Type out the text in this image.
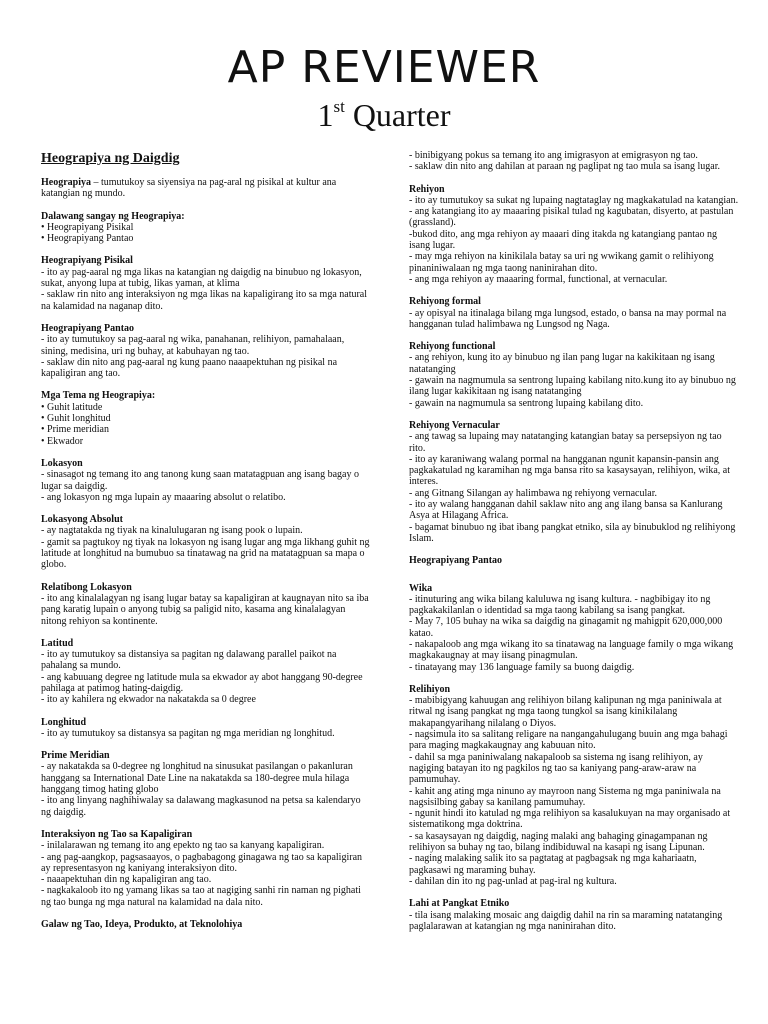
AP REVIEWER
1st Quarter
Heograpiya ng Daigdig
Heograpiya – tumutukoy sa siyensiya na pag-aral ng pisikal at kultur ana katangian ng mundo.
Dalawang sangay ng Heograpiya:
• Heograpiyang Pisikal
• Heograpiyang Pantao
Heograpiyang Pisikal
- ito ay pag-aaral ng mga likas na katangian ng daigdig na binubuo ng lokasyon, sukat, anyong lupa at tubig, likas yaman, at klima
- saklaw rin nito ang interaksiyon ng mga likas na kapaligirang ito sa mga natural na kalamidad na naganap dito.
Heograpiyang Pantao
- ito ay tumutukoy sa pag-aaral ng wika, panahanan, relihiyon, pamahalaan, sining, medisina, uri ng buhay, at kabuhayan ng tao.
- saklaw din nito ang pag-aaral ng kung paano naaapektuhan ng pisikal na kapaligiran ang tao.
Mga Tema ng Heograpiya:
• Guhit latitude
• Guhit longhitud
• Prime meridian
• Ekwador
Lokasyon
- sinasagot ng temang ito ang tanong kung saan matatagpuan ang isang bagay o lugar sa daigdig.
- ang lokasyon ng mga lupain ay maaaring absolut o relatibo.
Lokasyong Absolut
- ay nagtatakda ng tiyak na kinalulugaran ng isang pook o lupain.
- gamit sa pagtukoy ng tiyak na lokasyon ng isang lugar ang mga likhang guhit ng latitude at longhitud na bumubuo sa tinatawag na grid na matatagpuan sa mapa o globo.
Relatibong Lokasyon
- ito ang kinalalagyan ng isang lugar batay sa kapaligiran at kaugnayan nito sa iba pang karatig lupain o anyong tubig sa paligid nito, kasama ang kinalalagyan nitong rehiyon sa kontinente.
Latitud
- ito ay tumutukoy sa distansiya sa pagitan ng dalawang parallel paikot na pahalang sa mundo.
- ang kabuuang degree ng latitude mula sa ekwador ay abot hanggang 90-degree pahilaga at patimog hating-daigdig.
- ito ay kahilera ng ekwador na nakatakda sa 0 degree
Longhitud
- ito ay tumutukoy sa distansya sa pagitan ng mga meridian ng longhitud.
Prime Meridian
- ay nakatakda sa 0-degree ng longhitud na sinusukat pasilangan o pakanluran hanggang sa International Date Line na nakatakda sa 180-degree mula hilaga hanggang timog hating globo
- ito ang linyang naghihiwalay sa dalawang magkasunod na petsa sa kalendaryo ng daigdig.
Interaksiyon ng Tao sa Kapaligiran
- inilalarawan ng temang ito ang epekto ng tao sa kanyang kapaligiran.
- ang pag-aangkop, pagsasaayos, o pagbabagong ginagawa ng tao sa kapaligiran ay representasyon ng kaniyang interaksiyon dito.
- naaapektuhan din ng kapaligiran ang tao.
- nagkakaloob ito ng yamang likas sa tao at nagiging sanhi rin naman ng pighati ng tao bunga ng mga natural na kalamidad na dala nito.
Galaw ng Tao, Ideya, Produkto, at Teknolohiya
- binibigyang pokus sa temang ito ang imigrasyon at emigrasyon ng tao.
- saklaw din nito ang dahilan at paraan ng paglipat ng tao mula sa isang lugar.
Rehiyon
- ito ay tumutukoy sa sukat ng lupaing nagtataglay ng magkakatulad na katangian.
- ang katangiang ito ay maaaring pisikal tulad ng kagubatan, disyerto, at pastulan (grassland).
-bukod dito, ang mga rehiyon ay maaari ding itakda ng katangiang pantao ng isang lugar.
- may mga rehiyon na kinikilala batay sa uri ng wwikang gamit o relihiyong pinaniniwalaan ng mga taong naninirahan dito.
- ang mga rehiyon ay maaaring formal, functional, at vernacular.
Rehiyong formal
- ay opisyal na itinalaga bilang mga lungsod, estado, o bansa na may pormal na hangganan tulad halimbawa ng Lungsod ng Naga.
Rehiyong functional
- ang rehiyon, kung ito ay binubuo ng ilan pang lugar na kakikitaan ng isang natatanging
- gawain na nagmumula sa sentrong lupaing kabilang nito.kung ito ay binubuo ng ilang lugar kakikitaan ng isang natatanging
- gawain na nagmumula sa sentrong lupaing kabilang dito.
Rehiyong Vernacular
- ang tawag sa lupaing may natatanging katangian batay sa persepsiyon ng tao rito.
- ito ay karaniwang walang pormal na hangganan ngunit kapansin-pansin ang pagkakatulad ng karamihan ng mga bansa rito sa kasaysayan, relihiyon, wika, at interes.
- ang Gitnang Silangan ay halimbawa ng rehiyong vernacular.
- ito ay walang hangganan dahil saklaw nito ang ang ilang bansa sa Kanlurang Asya at Hilagang Africa.
- bagamat binubuo ng ibat ibang pangkat etniko, sila ay binubuklod ng relihiyong Islam.
Heograpiyang Pantao
Wika
- itinuturing ang wika bilang kaluluwa ng isang kultura. - nagbibigay ito ng pagkakakilanlan o identidad sa mga taong kabilang sa isang pangkat.
- May 7, 105 buhay na wika sa daigdig na ginagamit ng mahigpit 620,000,000 katao.
- nakapaloob ang mga wikang ito sa tinatawag na language family o mga wikang magkakaugnay at may iisang pinagmulan.
- tinatayang may 136 language family sa buong daigdig.
Relihiyon
- mabibigyang kahuugan ang relihiyon bilang kalipunan ng mga paniniwala at ritwal ng isang pangkat ng mga taong tungkol sa isang kinikilalang makapangyarihang nilalang o Diyos.
- nagsimula ito sa salitang religare na nangangahulugang buuin ang mga bahagi para maging magkakaugnay ang kabuuan nito.
- dahil sa mga paniniwalang nakapaloob sa sistema ng isang relihiyon, ay nagiging batayan ito ng pagkilos ng tao sa kaniyang pang-araw-araw na pamumuhay.
- kahit ang ating mga ninuno ay mayroon nang Sistema ng mga paniniwala na nagsisilbing gabay sa kanilang pamumuhay.
- ngunit hindi ito katulad ng mga relihiyon sa kasalukuyan na may organisado at sistematikong mga doktrina.
- sa kasaysayan ng daigdig, naging malaki ang bahaging ginagampanan ng relihiyon sa buhay ng tao, bilang indibiduwal na kasapi ng isang Lipunan.
- naging malaking salik ito sa pagtatag at pagbagsak ng mga kahariaatn, pagkasawi ng maraming buhay.
- dahilan din ito ng pag-unlad at pag-iral ng kultura.
Lahi at Pangkat Etniko
- tila isang malaking mosaic ang daigdig dahil na rin sa maraming natatanging paglalarawan at katangian ng mga naninirahan dito.
